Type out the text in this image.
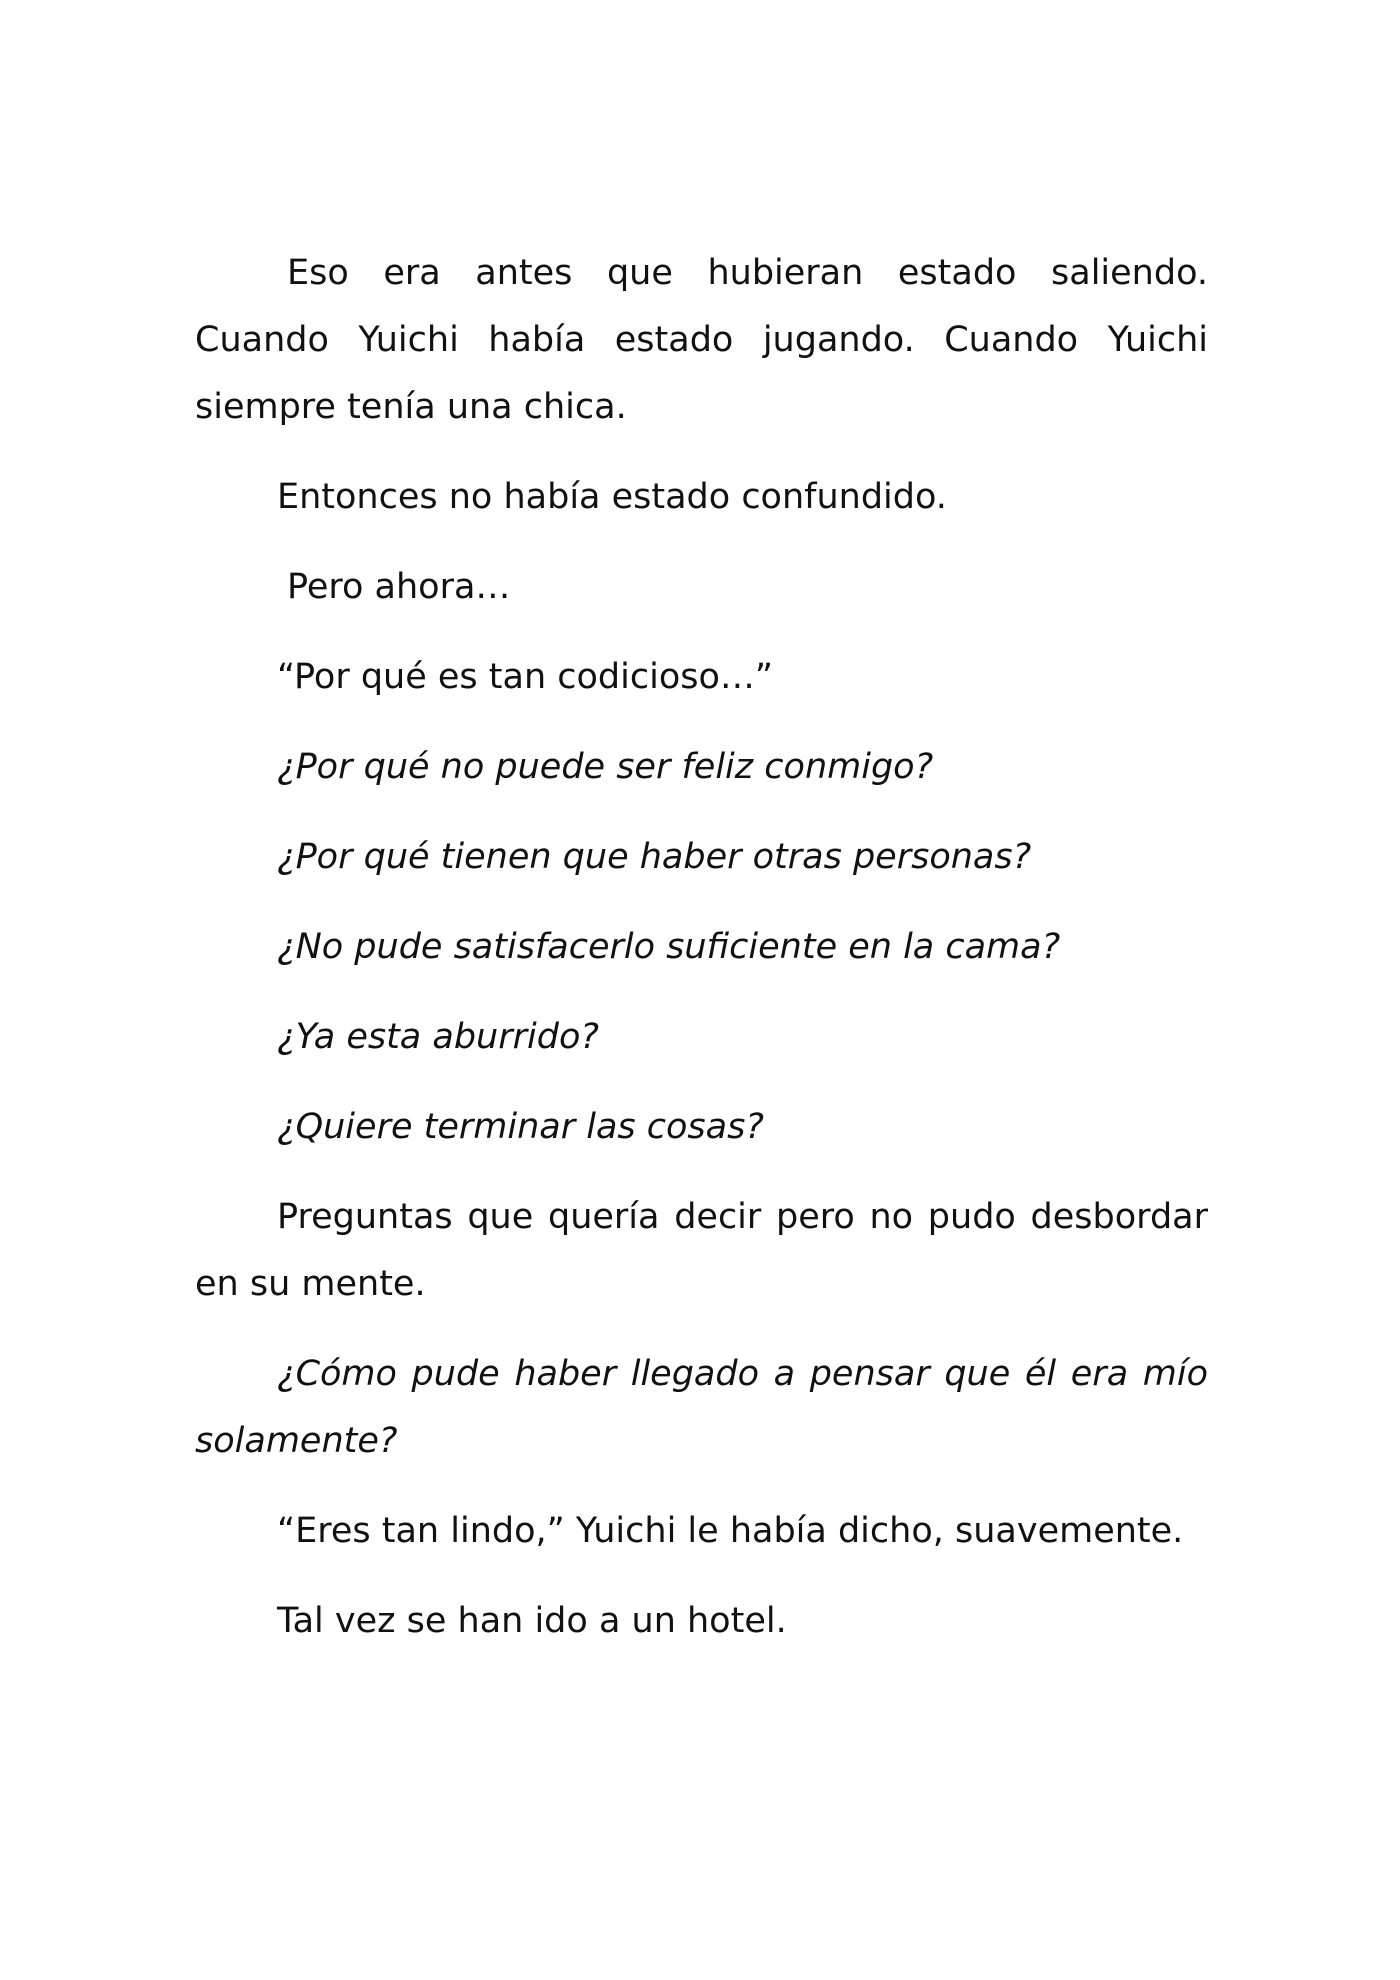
Eso era antes que hubieran estado saliendo. Cuando Yuichi había estado jugando. Cuando Yuichi siempre tenía una chica.

Entonces no había estado confundido.

Pero ahora…

“Por qué es tan codicioso…”

¿Por qué no puede ser feliz conmigo?

¿Por qué tienen que haber otras personas?

¿No pude satisfacerlo suficiente en la cama?

¿Ya esta aburrido?

¿Quiere terminar las cosas?

Preguntas que quería decir pero no pudo desbordar en su mente.

¿Cómo pude haber llegado a pensar que él era mío solamente?

“Eres tan lindo,” Yuichi le había dicho, suavemente.

Tal vez se han ido a un hotel.
